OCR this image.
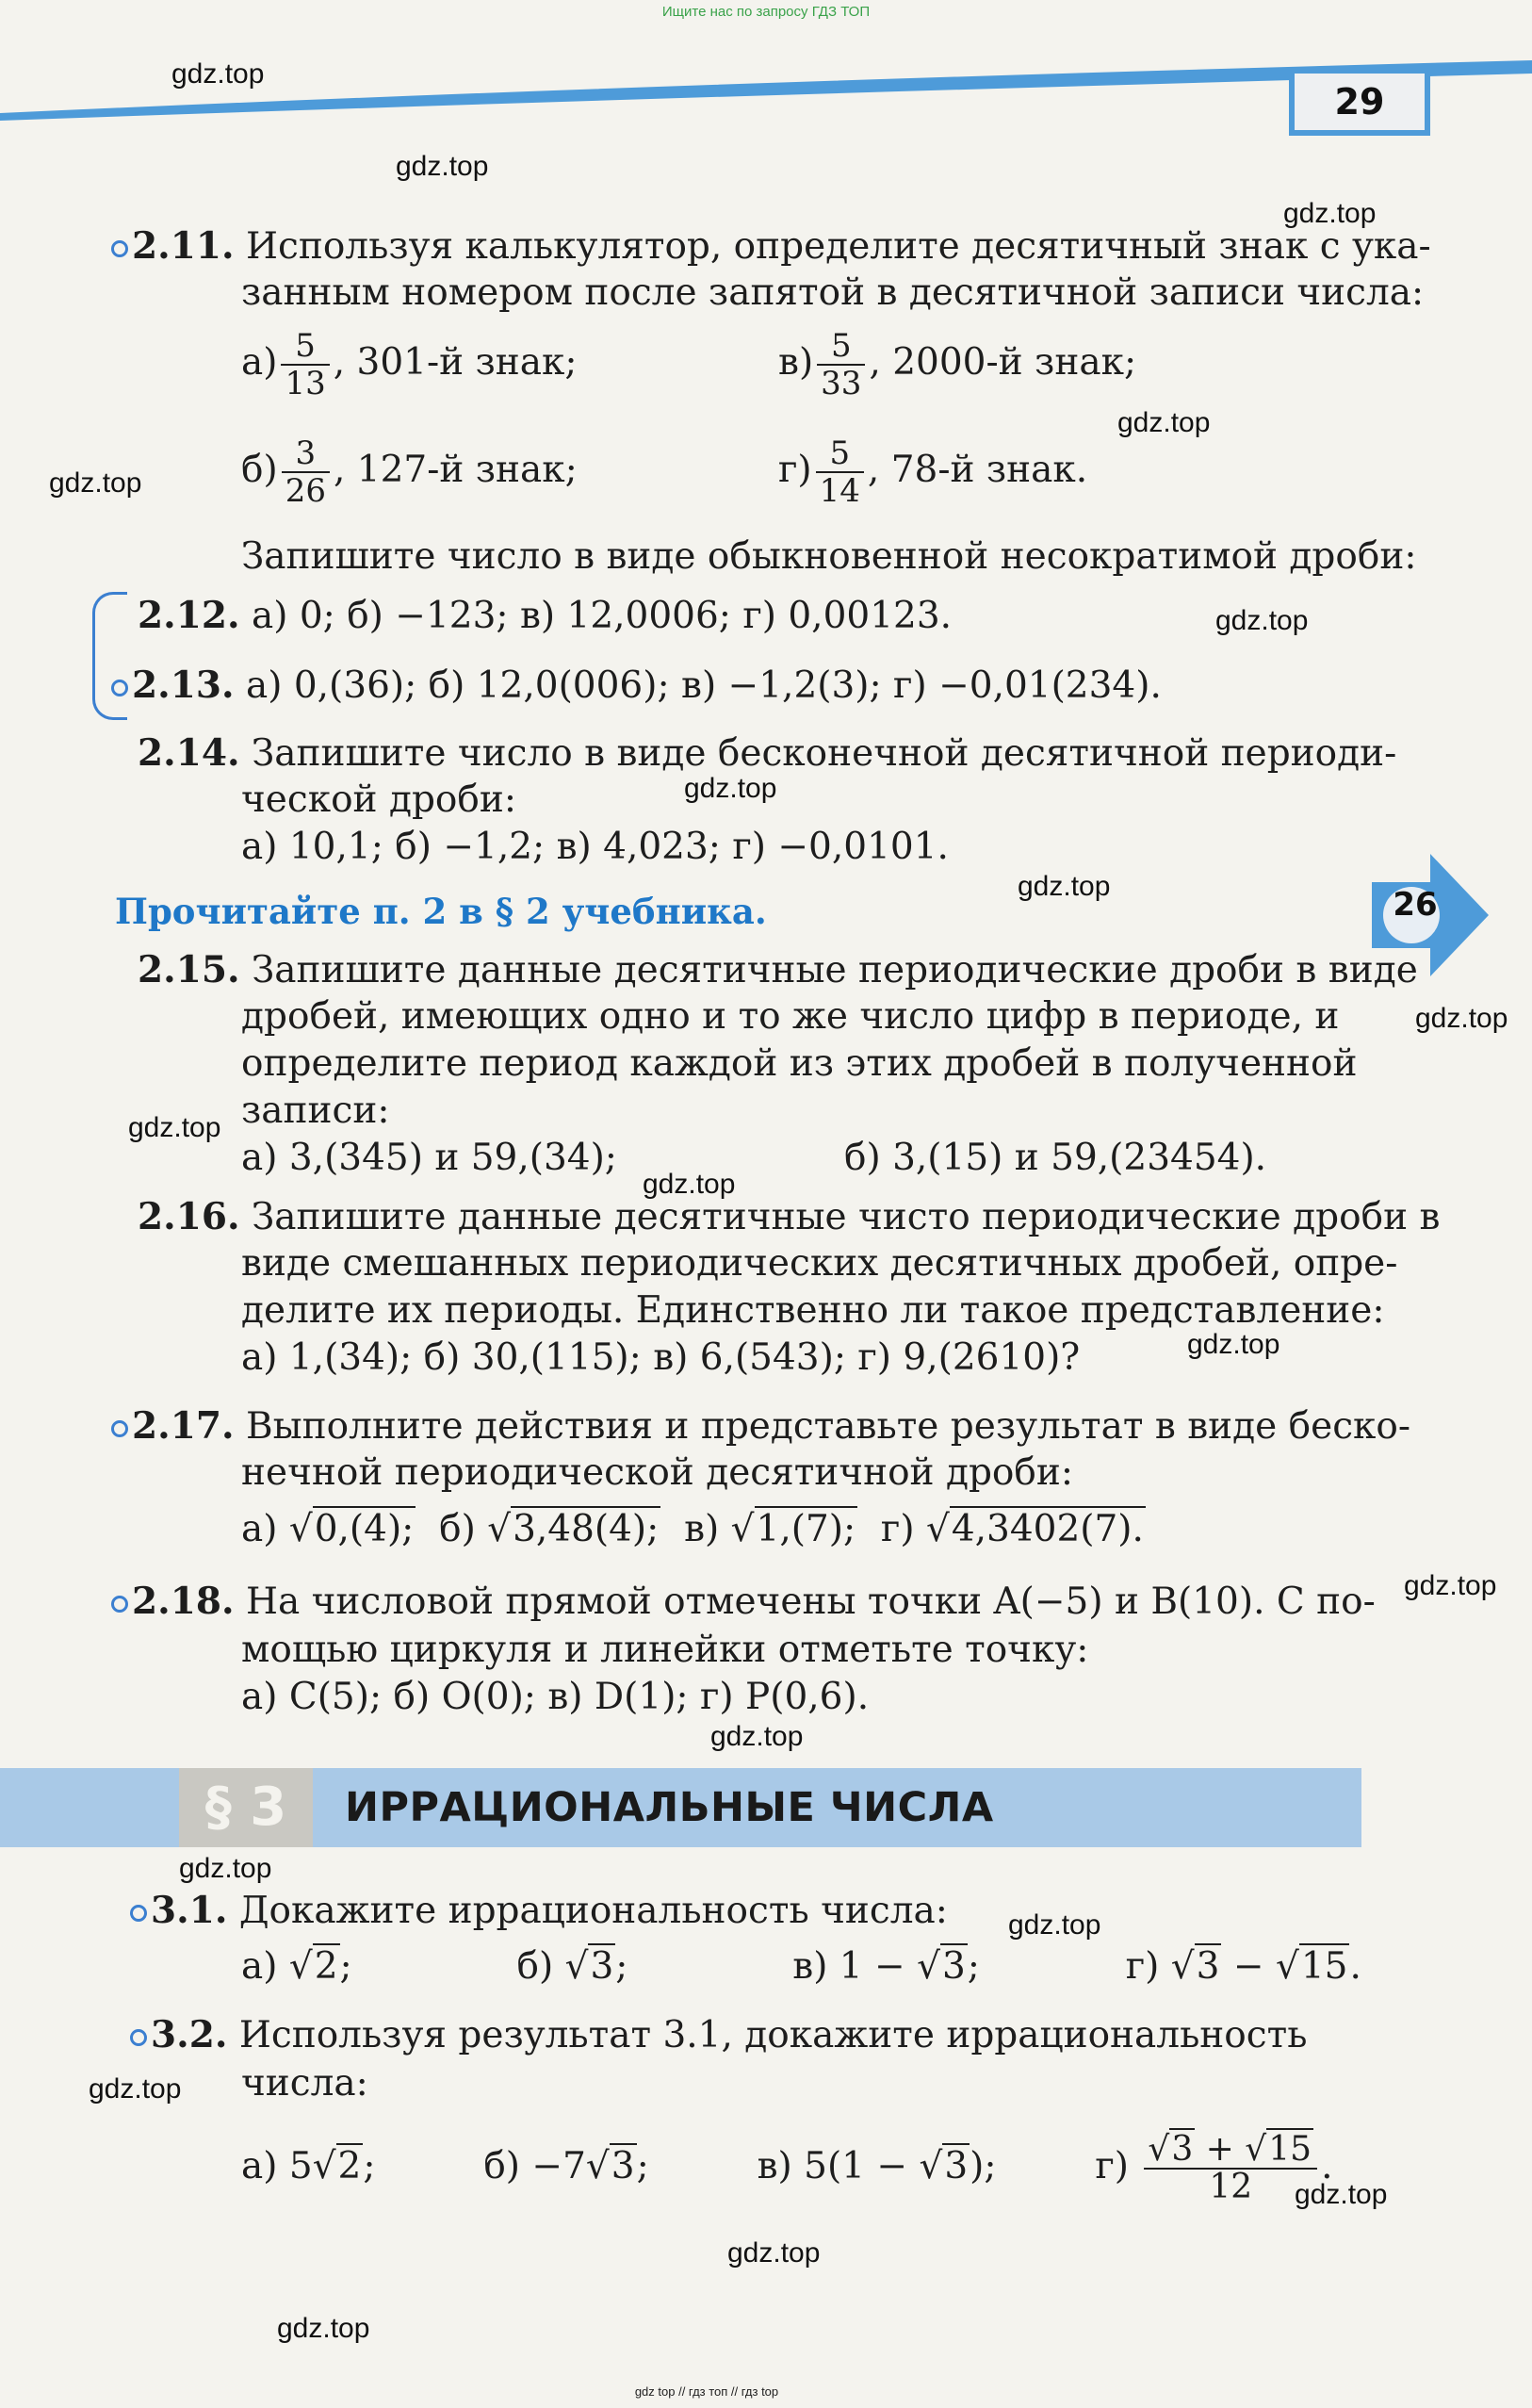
Ищите нас по запросу ГДЗ ТОП
29
gdz.top
gdz.top
gdz.top
gdz.top
gdz.top
gdz.top
gdz.top
gdz.top
gdz.top
gdz.top
gdz.top
gdz.top
gdz.top
gdz.top
gdz.top
gdz.top
gdz.top
gdz.top
gdz.top
gdz.top
26
2.11. Используя калькулятор, определите десятичный знак с ука-
занным номером после запятой в десятичной записи числа:
$а) \frac{5}{13}$ , 301-й знак;	$в) \frac{5}{33}$ , 2000-й знак;
$б) \frac{3}{26}$ , 127-й знак;	$г) \frac{5}{14}$ , 78-й знак.
Запишите число в виде обыкновенной несократимой дроби:
2.12. а) 0; б) −123; в) 12,0006; г) 0,00123.
2.13. а) 0,(36); б) 12,0(006); в) −1,2(3); г) −0,01(234).
2.14. Запишите число в виде бесконечной десятичной периоди-
ческой дроби:
а) 10,1; б) −1,2; в) 4,023; г) −0,0101.
Прочитайте п. 2 в § 2 учебника.
2.15. Запишите данные десятичные периодические дроби в виде
дробей, имеющих одно и то же число цифр в периоде, и
определите период каждой из этих дробей в полученной
записи:
а) 3,(345) и 59,(34);	б) 3,(15) и 59,(23454).
2.16. Запишите данные десятичные чисто периодические дроби в
виде смешанных периодических десятичных дробей, опре-
делите их периоды. Единственно ли такое представление:
а) 1,(34); б) 30,(115); в) 6,(543); г) 9,(2610)?
2.17. Выполните действия и представьте результат в виде беско-
нечной периодической десятичной дроби:
а) √0,(4); б) √3,48(4); в) √1,(7); г) √4,3402(7).
2.18. На числовой прямой отмечены точки A(−5) и B(10). С по-
мощью циркуля и линейки отметьте точку:
а) C(5); б) O(0); в) D(1); г) P(0,6).
§ 3	ИРРАЦИОНАЛЬНЫЕ ЧИСЛА
3.1. Докажите иррациональность числа:
а) √2;	б) √3;	в) 1 − √3;	г) √3 − √15.
3.2. Используя результат 3.1, докажите иррациональность
числа:
а) 5√2;	б) −7√3;	в) 5(1 − √3);	$г) \frac{√3 + √15}{12}$ .
gdz top // гдз топ // гдз top
